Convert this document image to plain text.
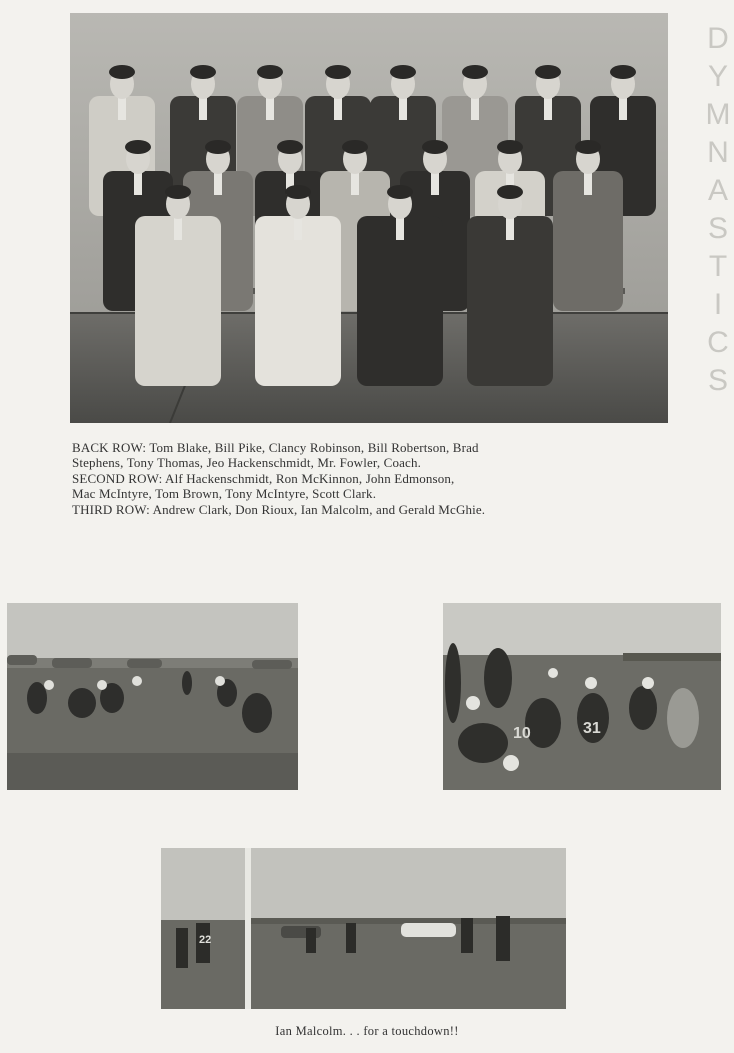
D
Y
M
N
A
S
T
I
C
S
BACK ROW: Tom Blake, Bill Pike, Clancy Robinson, Bill Robertson, Brad
Stephens, Tony Thomas, Jeo Hackenschmidt, Mr. Fowler, Coach.
SECOND ROW: Alf Hackenschmidt, Ron McKinnon, John Edmonson,
Mac McIntyre, Tom Brown, Tony McIntyre, Scott Clark.
THIRD ROW: Andrew Clark, Don Rioux, Ian Malcolm, and Gerald McGhie.
10	31
22
Ian Malcolm. . . for a touchdown!!
